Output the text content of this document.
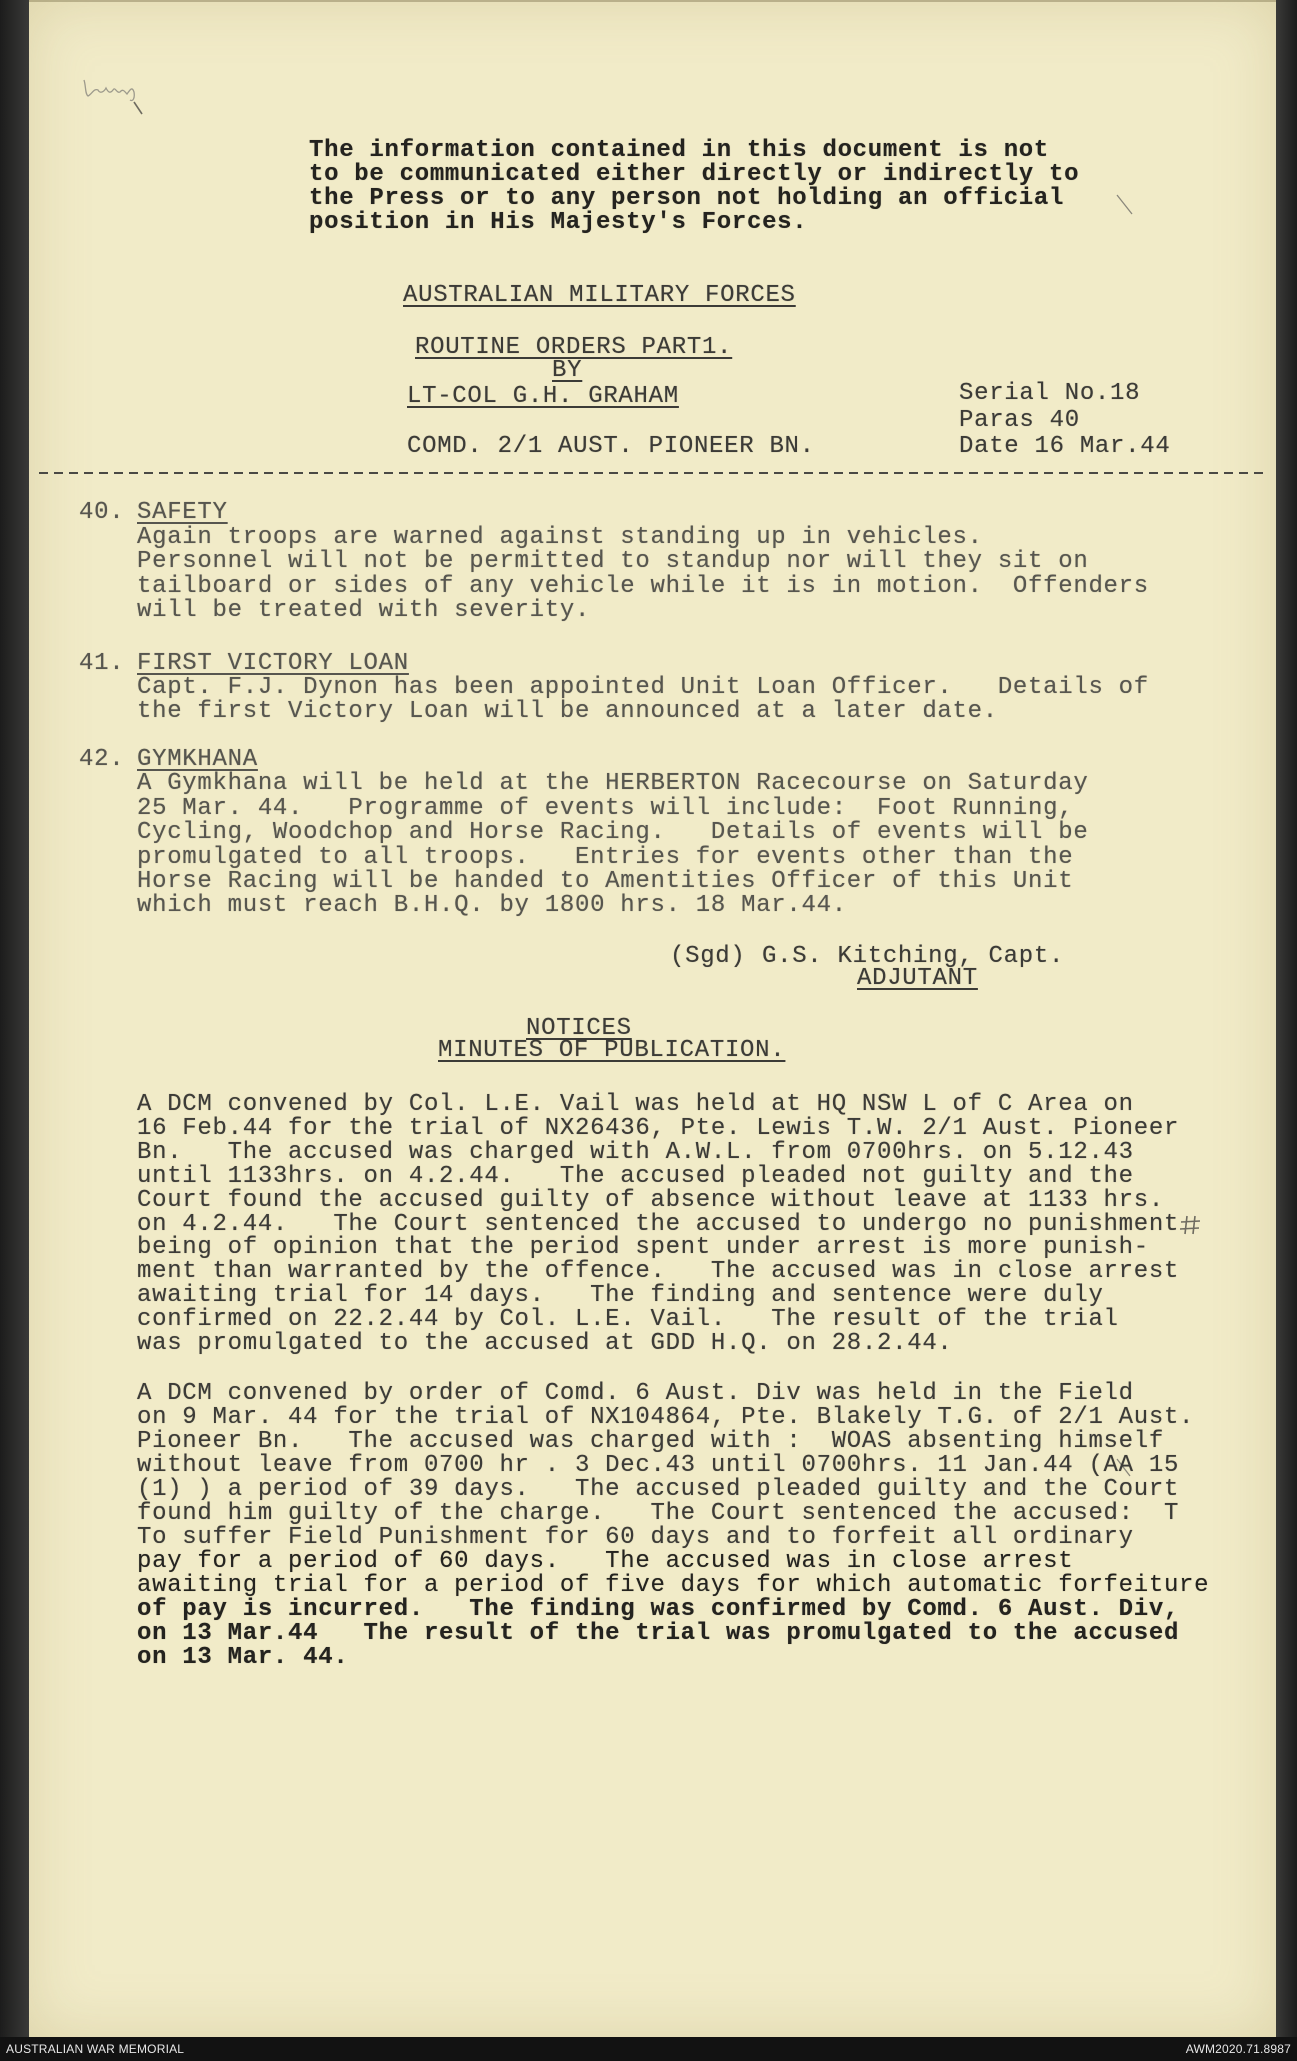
The information contained in this document is not
to be communicated either directly or indirectly to
the Press or to any person not holding an official
position in His Majesty's Forces.
AUSTRALIAN MILITARY FORCES
ROUTINE ORDERS PART1.
BY
LT-COL G.H. GRAHAM
COMD. 2/1 AUST. PIONEER BN.
Serial No.18
Paras 40
Date 16 Mar.44
40. SAFETY
Again troops are warned against standing up in vehicles.
Personnel will not be permitted to standup nor will they sit on
tailboard or sides of any vehicle while it is in motion.  Offenders
will be treated with severity.
41. FIRST VICTORY LOAN
Capt. F.J. Dynon has been appointed Unit Loan Officer.   Details of
the first Victory Loan will be announced at a later date.
42. GYMKHANA
A Gymkhana will be held at the HERBERTON Racecourse on Saturday
25 Mar. 44.   Programme of events will include:  Foot Running,
Cycling, Woodchop and Horse Racing.   Details of events will be
promulgated to all troops.   Entries for events other than the
Horse Racing will be handed to Amentities Officer of this Unit
which must reach B.H.Q. by 1800 hrs. 18 Mar.44.
(Sgd) G.S. Kitching, Capt.
ADJUTANT
NOTICES
MINUTES OF PUBLICATION.
A DCM convened by Col. L.E. Vail was held at HQ NSW L of C Area on
16 Feb.44 for the trial of NX26436, Pte. Lewis T.W. 2/1 Aust. Pioneer
Bn.   The accused was charged with A.W.L. from 0700hrs. on 5.12.43
until 1133hrs. on 4.2.44.   The accused pleaded not guilty and the
Court found the accused guilty of absence without leave at 1133 hrs.
on 4.2.44.   The Court sentenced the accused to undergo no punishment
being of opinion that the period spent under arrest is more punish-
ment than warranted by the offence.   The accused was in close arrest
awaiting trial for 14 days.   The finding and sentence were duly
confirmed on 22.2.44 by Col. L.E. Vail.   The result of the trial
was promulgated to the accused at GDD H.Q. on 28.2.44.
A DCM convened by order of Comd. 6 Aust. Div was held in the Field
on 9 Mar. 44 for the trial of NX104864, Pte. Blakely T.G. of 2/1 Aust.
Pioneer Bn.   The accused was charged with :  WOAS absenting himself
without leave from 0700 hr . 3 Dec.43 until 0700hrs. 11 Jan.44 (AA 15
(1) ) a period of 39 days.   The accused pleaded guilty and the Court
found him guilty of the charge.   The Court sentenced the accused:  T
To suffer Field Punishment for 60 days and to forfeit all ordinary
pay for a period of 60 days.   The accused was in close arrest
awaiting trial for a period of five days for which automatic forfeiture
of pay is incurred.   The finding was confirmed by Comd. 6 Aust. Div,
on 13 Mar.44   The result of the trial was promulgated to the accused
on 13 Mar. 44.
AUSTRALIAN WAR MEMORIAL	AWM2020.71.8987
